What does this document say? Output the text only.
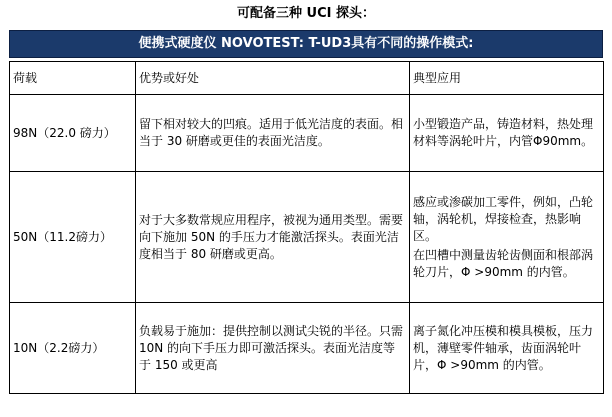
可配备三种 UCI 探头：
便携式硬度仪 NOVOTEST: T-UD3具有不同的操作模式:
荷载	优势或好处	典型应用
98N（22.0 磅力）	留下相对较大的凹痕。适用于低光洁度的表面。相当于 30 研磨或更佳的表面光洁度。	小型锻造产品，铸造材料，热处理材料等涡轮叶片，内管Φ90mm。

50N（11.2磅力）	对于大多数常规应用程序，被视为通用类型。需要向下施加 50N 的手压力才能激活探头。表面光洁度相当于 80 研磨或更高。	感应或渗碳加工零件，例如，凸轮轴，涡轮机，焊接检查，热影响区。
在凹槽中测量齿轮齿侧面和根部涡轮刀片，Φ >90mm 的内管。

10N（2.2磅力）	负载易于施加：提供控制以测试尖锐的半径。只需 10N 的向下手压力即可激活探头。表面光洁度等于 150 或更高	离子氮化冲压模和模具模板，压力机，薄壁零件轴承，齿面涡轮叶片，Φ >90mm 的内管。
